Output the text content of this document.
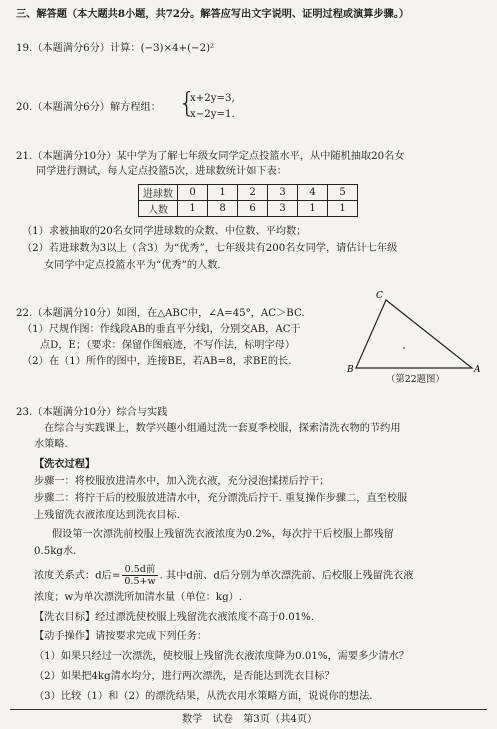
三、解答题（本大题共8小题，共72分。解答应写出文字说明、证明过程或演算步骤。）
19.（本题满分6分）计算：(−3)×4+(−2)²
20.（本题满分6分）解方程组： {
x+2y=3,
x−2y=1.
21.（本题满分10分）某中学为了解七年级女同学定点投篮水平，从中随机抽取20名女
同学进行测试，每人定点投篮5次，进球数统计如下表：
进球数	0	1	2	3	4	5
人数	1	8	6	3	1	1
（1）求被抽取的20名女同学进球数的众数、中位数、平均数；
（2）若进球数为3以上（含3）为“优秀”，七年级共有200名女同学，请估计七年级
女同学中定点投篮水平为“优秀”的人数.
22.（本题满分10分）如图，在△ABC中，∠A=45°，AC＞BC.
（1）尺规作图：作线段AB的垂直平分线l，分别交AB，AC于
点D，E；（要求：保留作图痕迹，不写作法，标明字母）
（2）在（1）所作的图中，连接BE，若AB=8，求BE的长.
C
B	A
（第22题图）
23.（本题满分10分）综合与实践
在综合与实践课上，数学兴趣小组通过洗一套夏季校服，探索清洗衣物的节约用
水策略.
【洗衣过程】
步骤一：将校服放进清水中，加入洗衣液，充分浸泡揉搓后拧干；
步骤二：将拧干后的校服放进清水中，充分漂洗后拧干. 重复操作步骤二，直至校服
上残留洗衣液浓度达到洗衣目标.
假设第一次漂洗前校服上残留洗衣液浓度为0.2%，每次拧干后校服上都残留
0.5kg水.
浓度关系式：d后= $\frac{\text{0.5d前}}{0.5+w}$ . 其中d前、d后分别为单次漂洗前、后校服上残留洗衣液
浓度；w为单次漂洗所加清水量（单位：kg）.
【洗衣目标】经过漂洗使校服上残留洗衣液浓度不高于0.01%.
【动手操作】请按要求完成下列任务：
（1）如果只经过一次漂洗，使校服上残留洗衣液浓度降为0.01%，需要多少清水？
（2）如果把4kg清水均分，进行两次漂洗，是否能达到洗衣目标？
（3）比较（1）和（2）的漂洗结果，从洗衣用水策略方面，说说你的想法.
数学　试卷　第3页（共4页）
